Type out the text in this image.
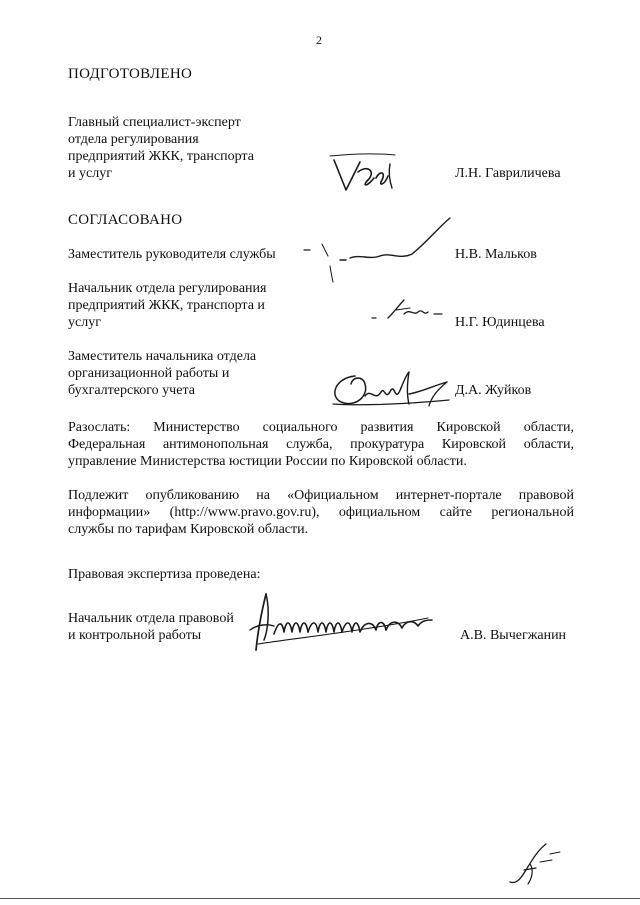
2
ПОДГОТОВЛЕНО
Главный специалист-эксперт
отдела регулирования
предприятий ЖКК, транспорта
и услуг	Л.Н. Гавриличева
СОГЛАСОВАНО
Заместитель руководителя службы	Н.В. Мальков
Начальник отдела регулирования
предприятий ЖКК, транспорта и
услуг	Н.Г. Юдинцева
Заместитель начальника отдела
организационной работы и
бухгалтерского учета	Д.А. Жуйков
Разослать: Министерство социального развития Кировской области,
Федеральная антимонопольная служба, прокуратура Кировской области,
управление Министерства юстиции России по Кировской области.
Подлежит опубликованию на «Официальном интернет-портале правовой
информации» (http://www.pravo.gov.ru), официальном сайте региональной
службы по тарифам Кировской области.
Правовая экспертиза проведена:
Начальник отдела правовой
и контрольной работы	А.В. Вычегжанин
